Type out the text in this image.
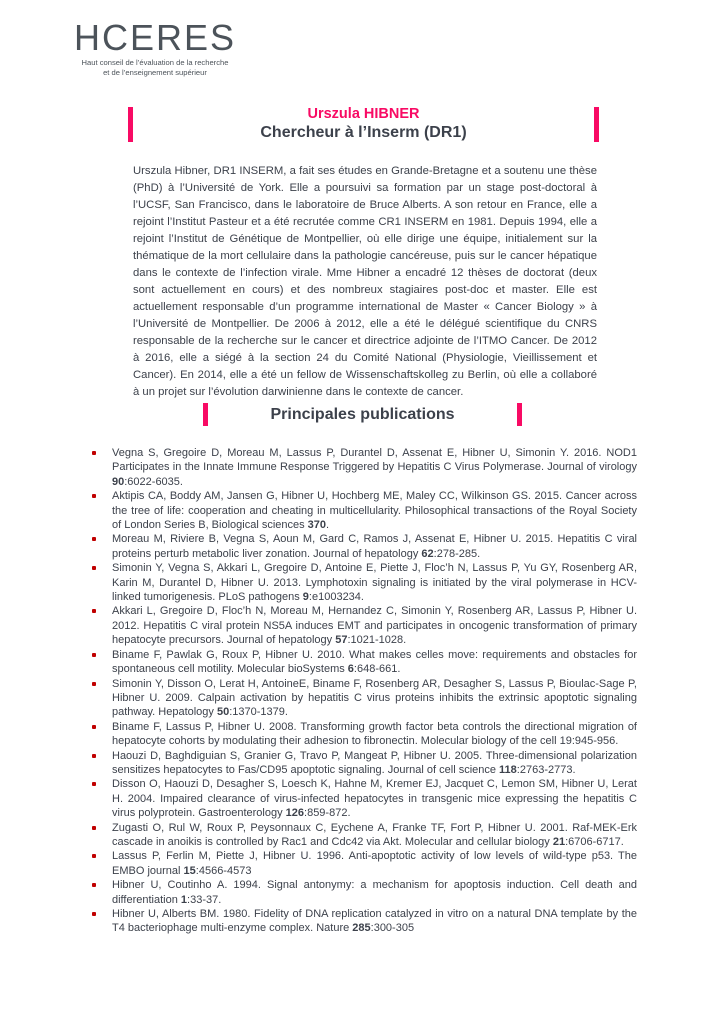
HCERES
Haut conseil de l’évaluation de la recherche
et de l’enseignement supérieur
Urszula HIBNER
Chercheur à l’Inserm (DR1)

Urszula Hibner, DR1 INSERM, a fait ses études en Grande-Bretagne et a soutenu une thèse (PhD) à l’Université de York. Elle a poursuivi sa formation par un stage post-doctoral à l’UCSF, San Francisco, dans le laboratoire de Bruce Alberts. A son retour en France, elle a rejoint l’Institut Pasteur et a été recrutée comme CR1 INSERM en 1981. Depuis 1994, elle a rejoint l’Institut de Génétique de Montpellier, où elle dirige une équipe, initialement sur la thématique de la mort cellulaire dans la pathologie cancéreuse, puis sur le cancer hépatique dans le contexte de l’infection virale. Mme Hibner a encadré 12 thèses de doctorat (deux sont actuellement en cours) et des nombreux stagiaires post-doc et master. Elle est actuellement responsable d’un programme international de Master « Cancer Biology » à l’Université de Montpellier. De 2006 à 2012, elle a été le délégué scientifique du CNRS responsable de la recherche sur le cancer et directrice adjointe de l’ITMO Cancer. De 2012 à 2016, elle a siégé à la section 24 du Comité National (Physiologie, Vieillissement et Cancer). En 2014, elle a été un fellow de Wissenschaftskolleg zu Berlin, où elle a collaboré à un projet sur l’évolution darwinienne dans le contexte de cancer.

Principales publications
Vegna S, Gregoire D, Moreau M, Lassus P, Durantel D, Assenat E, Hibner U, Simonin Y. 2016. NOD1 Participates in the Innate Immune Response Triggered by Hepatitis C Virus Polymerase. Journal of virology 90:6022-6035.
Aktipis CA, Boddy AM, Jansen G, Hibner U, Hochberg ME, Maley CC, Wilkinson GS. 2015. Cancer across the tree of life: cooperation and cheating in multicellularity. Philosophical transactions of the Royal Society of London Series B, Biological sciences 370.
Moreau M, Riviere B, Vegna S, Aoun M, Gard C, Ramos J, Assenat E, Hibner U. 2015. Hepatitis C viral proteins perturb metabolic liver zonation. Journal of hepatology 62:278-285.
Simonin Y, Vegna S, Akkari L, Gregoire D, Antoine E, Piette J, Floc’h N, Lassus P, Yu GY, Rosenberg AR, Karin M, Durantel D, Hibner U. 2013. Lymphotoxin signaling is initiated by the viral polymerase in HCV-linked tumorigenesis. PLoS pathogens 9:e1003234.
Akkari L, Gregoire D, Floc’h N, Moreau M, Hernandez C, Simonin Y, Rosenberg AR, Lassus P, Hibner U. 2012. Hepatitis C viral protein NS5A induces EMT and participates in oncogenic transformation of primary hepatocyte precursors. Journal of hepatology 57:1021-1028.
Biname F, Pawlak G, Roux P, Hibner U. 2010. What makes celles move: requirements and obstacles for spontaneous cell motility. Molecular bioSystems 6:648-661.
Simonin Y, Disson O, Lerat H, AntoineE, Biname F, Rosenberg AR, Desagher S, Lassus P, Bioulac-Sage P, Hibner U. 2009. Calpain activation by hepatitis C virus proteins inhibits the extrinsic apoptotic signaling pathway. Hepatology 50:1370-1379.
Biname F, Lassus P, Hibner U. 2008. Transforming growth factor beta controls the directional migration of hepatocyte cohorts by modulating their adhesion to fibronectin. Molecular biology of the cell 19:945-956.
Haouzi D, Baghdiguian S, Granier G, Travo P, Mangeat P, Hibner U. 2005. Three-dimensional polarization sensitizes hepatocytes to Fas/CD95 apoptotic signaling. Journal of cell science 118:2763-2773.
Disson O, Haouzi D, Desagher S, Loesch K, Hahne M, Kremer EJ, Jacquet C, Lemon SM, Hibner U, Lerat H. 2004. Impaired clearance of virus-infected hepatocytes in transgenic mice expressing the hepatitis C virus polyprotein. Gastroenterology 126:859-872.
Zugasti O, Rul W, Roux P, Peysonnaux C, Eychene A, Franke TF, Fort P, Hibner U. 2001. Raf-MEK-Erk cascade in anoikis is controlled by Rac1 and Cdc42 via Akt. Molecular and cellular biology 21:6706-6717.
Lassus P, Ferlin M, Piette J, Hibner U. 1996. Anti-apoptotic activity of low levels of wild-type p53. The EMBO journal 15:4566-4573
Hibner U, Coutinho A. 1994. Signal antonymy: a mechanism for apoptosis induction. Cell death and differentiation 1:33-37.
Hibner U, Alberts BM. 1980. Fidelity of DNA replication catalyzed in vitro on a natural DNA template by the T4 bacteriophage multi-enzyme complex. Nature 285:300-305
